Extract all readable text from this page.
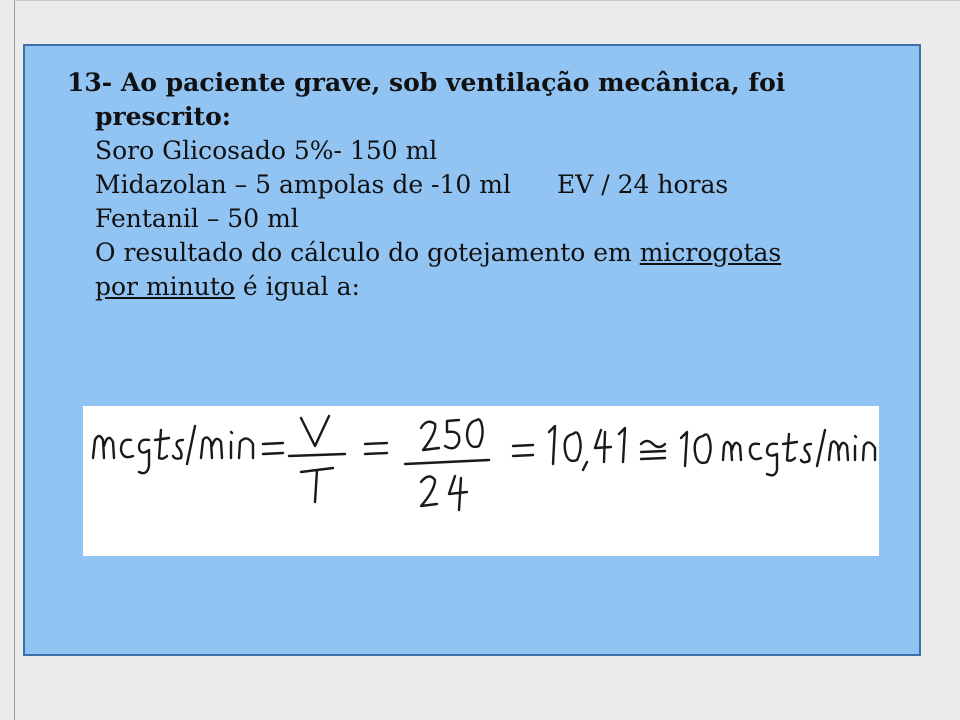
13- Ao paciente grave, sob ventilação mecânica, foi
prescrito:
Soro Glicosado 5%- 150 ml
Midazolan – 5 ampolas de -10 ml EV / 24 horas
Fentanil – 50 ml
O resultado do cálculo do gotejamento em microgotas
por minuto é igual a:
